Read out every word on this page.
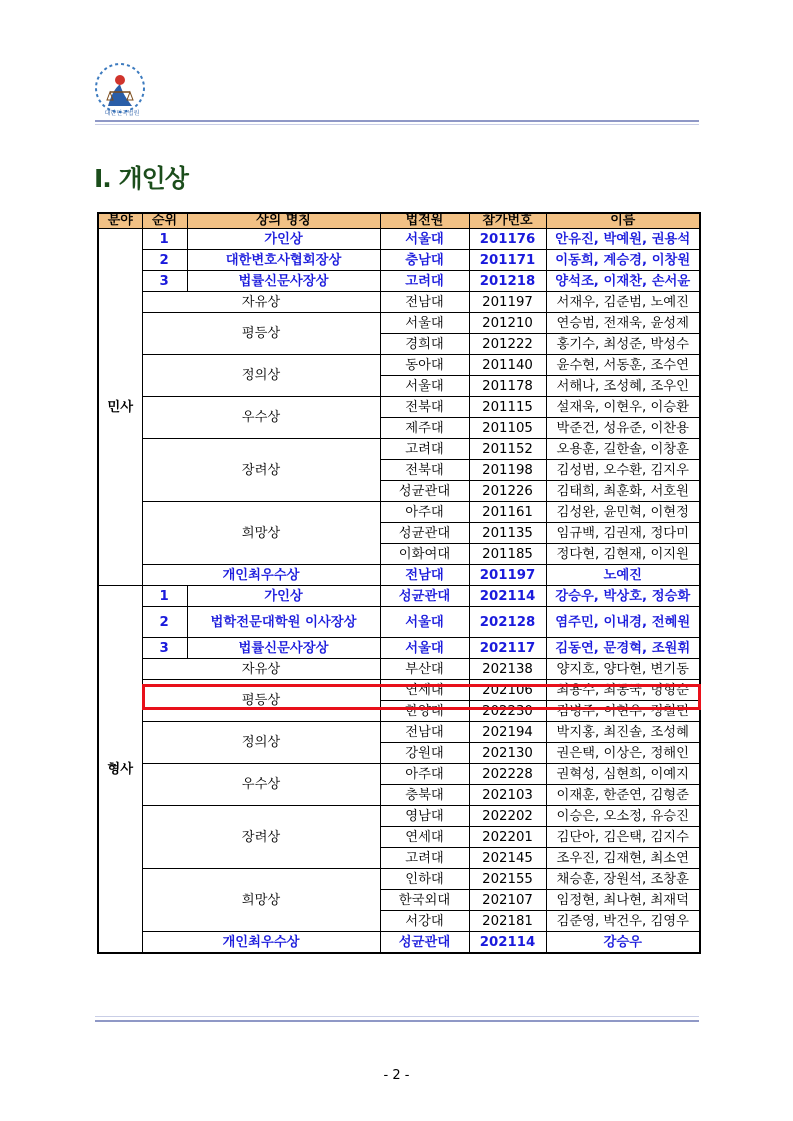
대한민국법원
I. 개인상
분야	순위	상의 명칭	법전원	참가번호	이름
민사	1	가인상	서울대	201176	안유진, 박예원, 권용석
	2	대한변호사협회장상	충남대	201171	이동희, 계승경, 이창원
	3	법률신문사장상	고려대	201218	양석조, 이재찬, 손서윤
	자유상		전남대	201197	서재우, 김준범, 노예진
	평등상		서울대	201210	연승범, 전재욱, 윤성제
			경희대	201222	홍기수, 최성준, 박성수
	정의상		동아대	201140	윤수현, 서동훈, 조수연
			서울대	201178	서해나, 조성혜, 조우인
	우수상		전북대	201115	설재욱, 이현우, 이승환
			제주대	201105	박준건, 성유준, 이찬용
	장려상		고려대	201152	오용훈, 길한솔, 이창훈
			전북대	201198	김성범, 오수환, 김지우
			성균관대	201226	김태희, 최훈화, 서호원
	희망상		아주대	201161	김성완, 윤민혁, 이현정
			성균관대	201135	임규백, 김권재, 정다미
			이화여대	201185	정다현, 김현재, 이지원
	개인최우수상		전남대	201197	노예진
형사	1	가인상	성균관대	202114	강승우, 박상호, 정승화
	2	법학전문대학원 이사장상	서울대	202128	염주민, 이내경, 전혜원
	3	법률신문사장상	서울대	202117	김동연, 문경혁, 조원휘
	자유상		부산대	202138	양지호, 양다현, 변기동
	평등상		연세대	202106	최용수, 최동국, 명형순
			한양대	202230	김병주, 이현우, 정철민
	정의상		전남대	202194	박지홍, 최진솔, 조성혜
			강원대	202130	권은택, 이상은, 정해인
	우수상		아주대	202228	권혁성, 심현희, 이예지
			충북대	202103	이재훈, 한준연, 김형준
	장려상		영남대	202202	이승은, 오소정, 유승진
			연세대	202201	김단아, 김은택, 김지수
			고려대	202145	조우진, 김재현, 최소연
	희망상		인하대	202155	채승훈, 장원석, 조창훈
			한국외대	202107	임정현, 최나현, 최재덕
			서강대	202181	김준영, 박건우, 김영우
	개인최우수상		성균관대	202114	강승우
- 2 -
